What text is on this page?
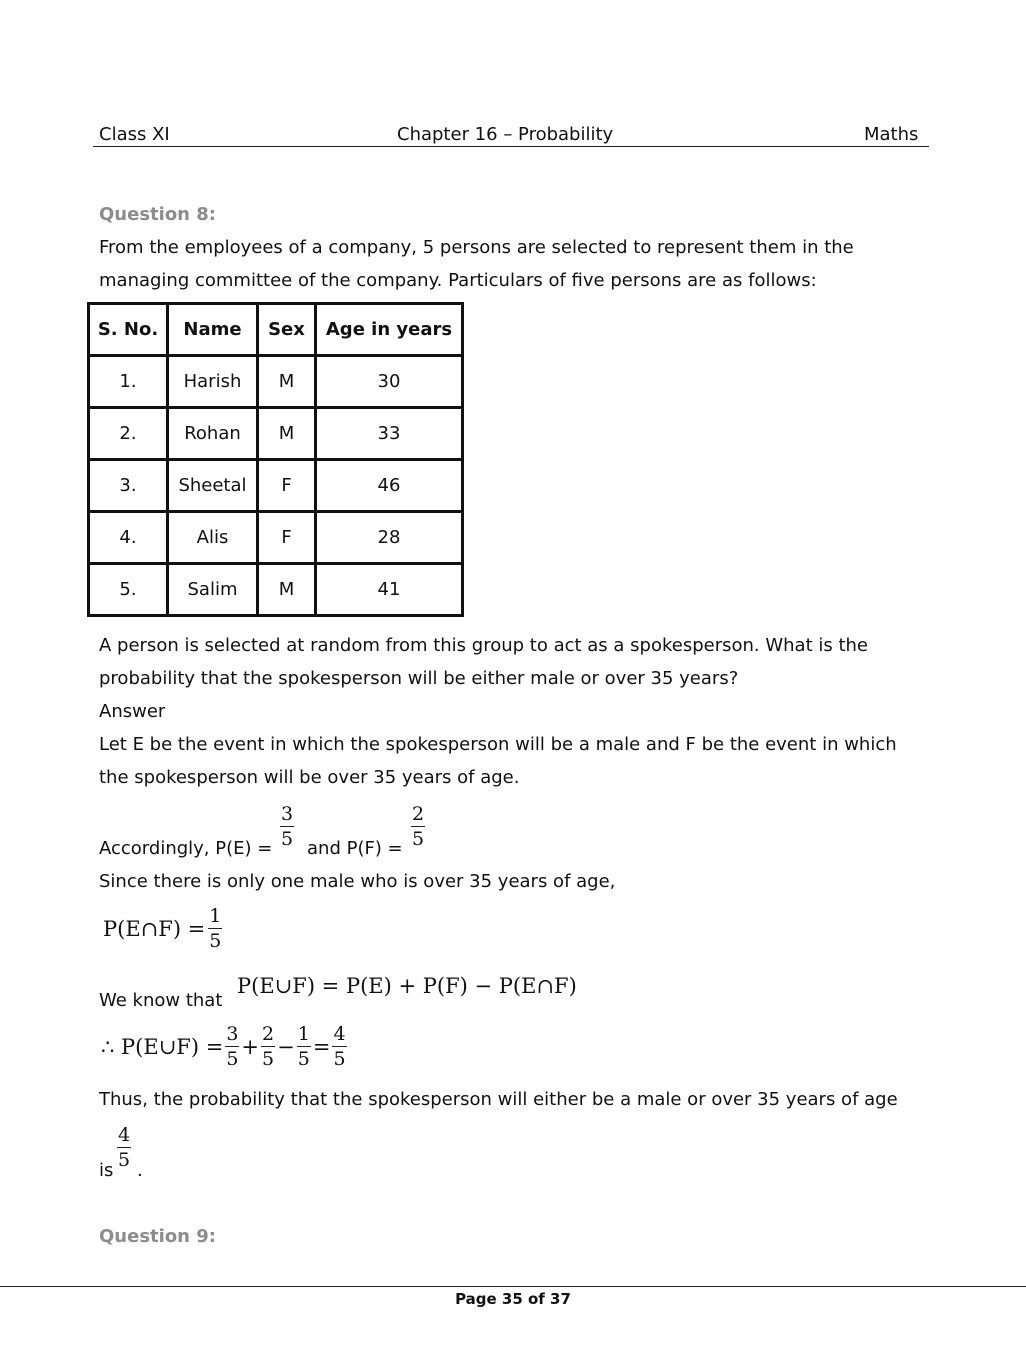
Class XI	Chapter 16 – Probability	Maths
Question 8:
From the employees of a company, 5 persons are selected to represent them in the
managing committee of the company. Particulars of five persons are as follows:
S. No.	Name	Sex	Age in years
1.	Harish	M	30
2.	Rohan	M	33
3.	Sheetal	F	46
4.	Alis	F	28
5.	Salim	M	41
A person is selected at random from this group to act as a spokesperson. What is the
probability that the spokesperson will be either male or over 35 years?
Answer
Let E be the event in which the spokesperson will be a male and F be the event in which
the spokesperson will be over 35 years of age.
Accordingly, $P(E) = \frac{3}{5}$ and $P(F) = \frac{2}{5}$
Since there is only one male who is over 35 years of age,
P(E∩F) = $\frac{1}{5}$
We know that
P(E∪F) = P(E) + P(F) − P(E∩F)
∴ P(E∪F) = $\frac{3}{5} + \frac{2}{5} - \frac{1}{5} = \frac{4}{5}$
Thus, the probability that the spokesperson will either be a male or over 35 years of age
is
$\frac{4}{5}$
.
Question 9:
Page 35 of 37
